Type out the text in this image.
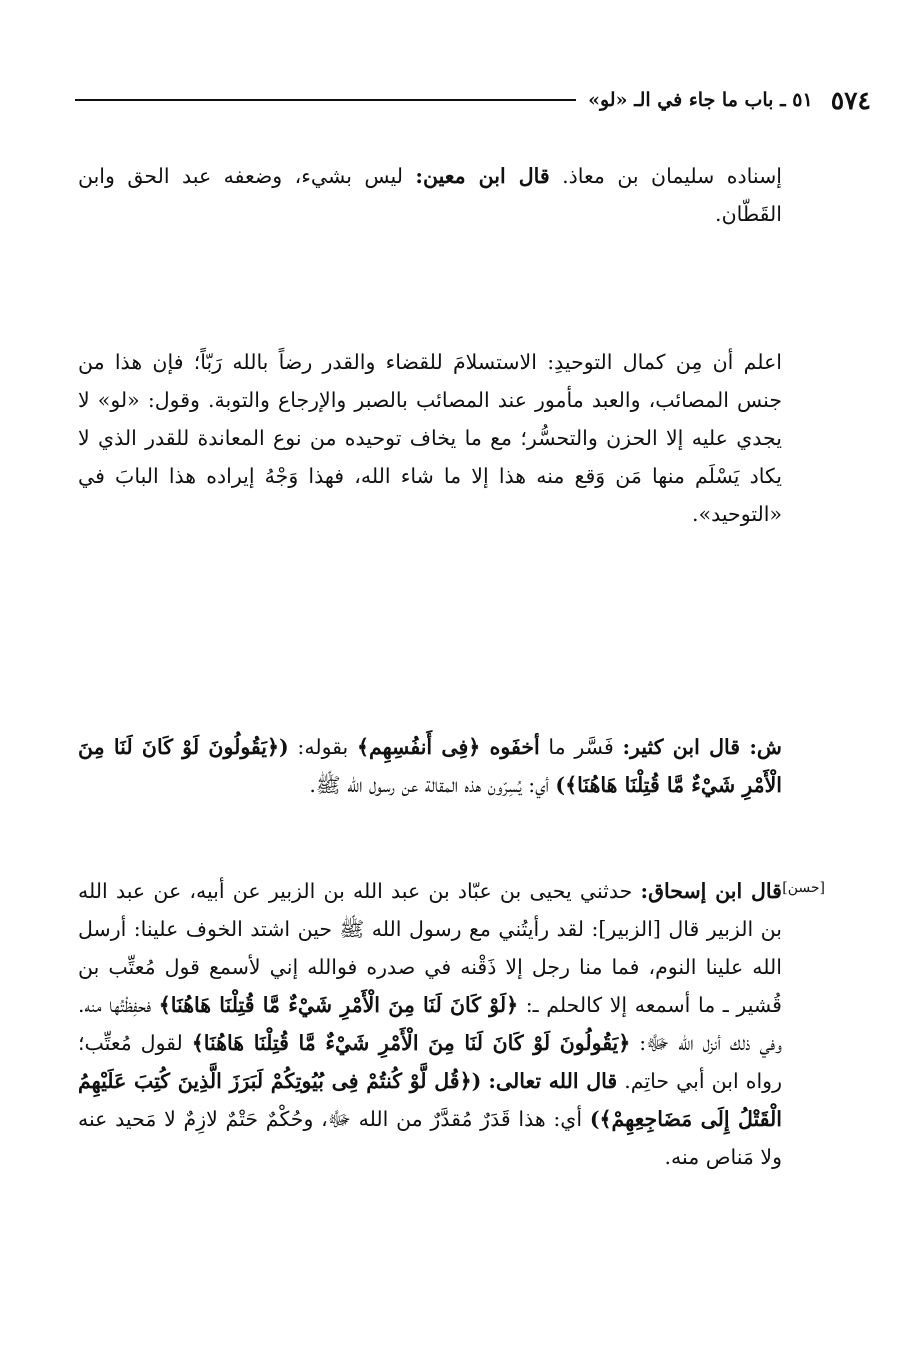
٥٧٤
٥١ ـ باب ما جاء في الـ «لو»
إسناده سليمان بن معاذ. قال ابن معين: ليس بشيء، وضعفه عبد الحق وابن القَطّان.
اعلم أن مِن كمال التوحيدِ: الاستسلامَ للقضاء والقدر رضاً بالله رَبّاً؛ فإن هذا من جنس المصائب، والعبد مأمور عند المصائب بالصبر والإرجاع والتوبة. وقول: «لو» لا يجدي عليه إلا الحزن والتحسُّر؛ مع ما يخاف توحيده من نوع المعاندة للقدر الذي لا يكاد يَسْلَم منها مَن وَقع منه هذا إلا ما شاء الله، فهذا وَجْهُ إيراده هذا البابَ في «التوحيد».
ش: قال ابن كثير: فَسَّر ما أخفَوه ﴿فِى أَنفُسِهِم﴾ بقوله: (﴿يَقُولُونَ لَوْ كَانَ لَنَا مِنَ الْأَمْرِ شَيْءٌ مَّا قُتِلْنَا هَاهُنَا﴾) أي: يُسِرّون هذه المقالة عن رسول الله ﷺ.
[حسن]
قال ابن إسحاق: حدثني يحيى بن عبّاد بن عبد الله بن الزبير عن أبيه، عن عبد الله بن الزبير قال [الزبير]: لقد رأيتُني مع رسول الله ﷺ حين اشتد الخوف علينا: أرسل الله علينا النوم، فما منا رجل إلا ذَقْنه في صدره فوالله إني لأسمع قول مُعتِّب بن قُشير ـ ما أسمعه إلا كالحلم ـ: ﴿لَوْ كَانَ لَنَا مِنَ الْأَمْرِ شَيْءٌ مَّا قُتِلْنَا هَاهُنَا﴾ فحفِظْتُها منه. وفي ذلك أنزل الله ﷻ: ﴿يَقُولُونَ لَوْ كَانَ لَنَا مِنَ الْأَمْرِ شَيْءٌ مَّا قُتِلْنَا هَاهُنَا﴾ لقول مُعتِّب؛ رواه ابن أبي حاتِم. قال الله تعالى: (﴿قُل لَّوْ كُنتُمْ فِى بُيُوتِكُمْ لَبَرَزَ الَّذِينَ كُتِبَ عَلَيْهِمُ الْقَتْلُ إِلَى مَضَاجِعِهِمْ﴾) أي: هذا قَدَرٌ مُقدَّرٌ من الله ﷻ، وحُكْمٌ حَتْمٌ لازِمٌ لا مَحيد عنه ولا مَناص منه.
